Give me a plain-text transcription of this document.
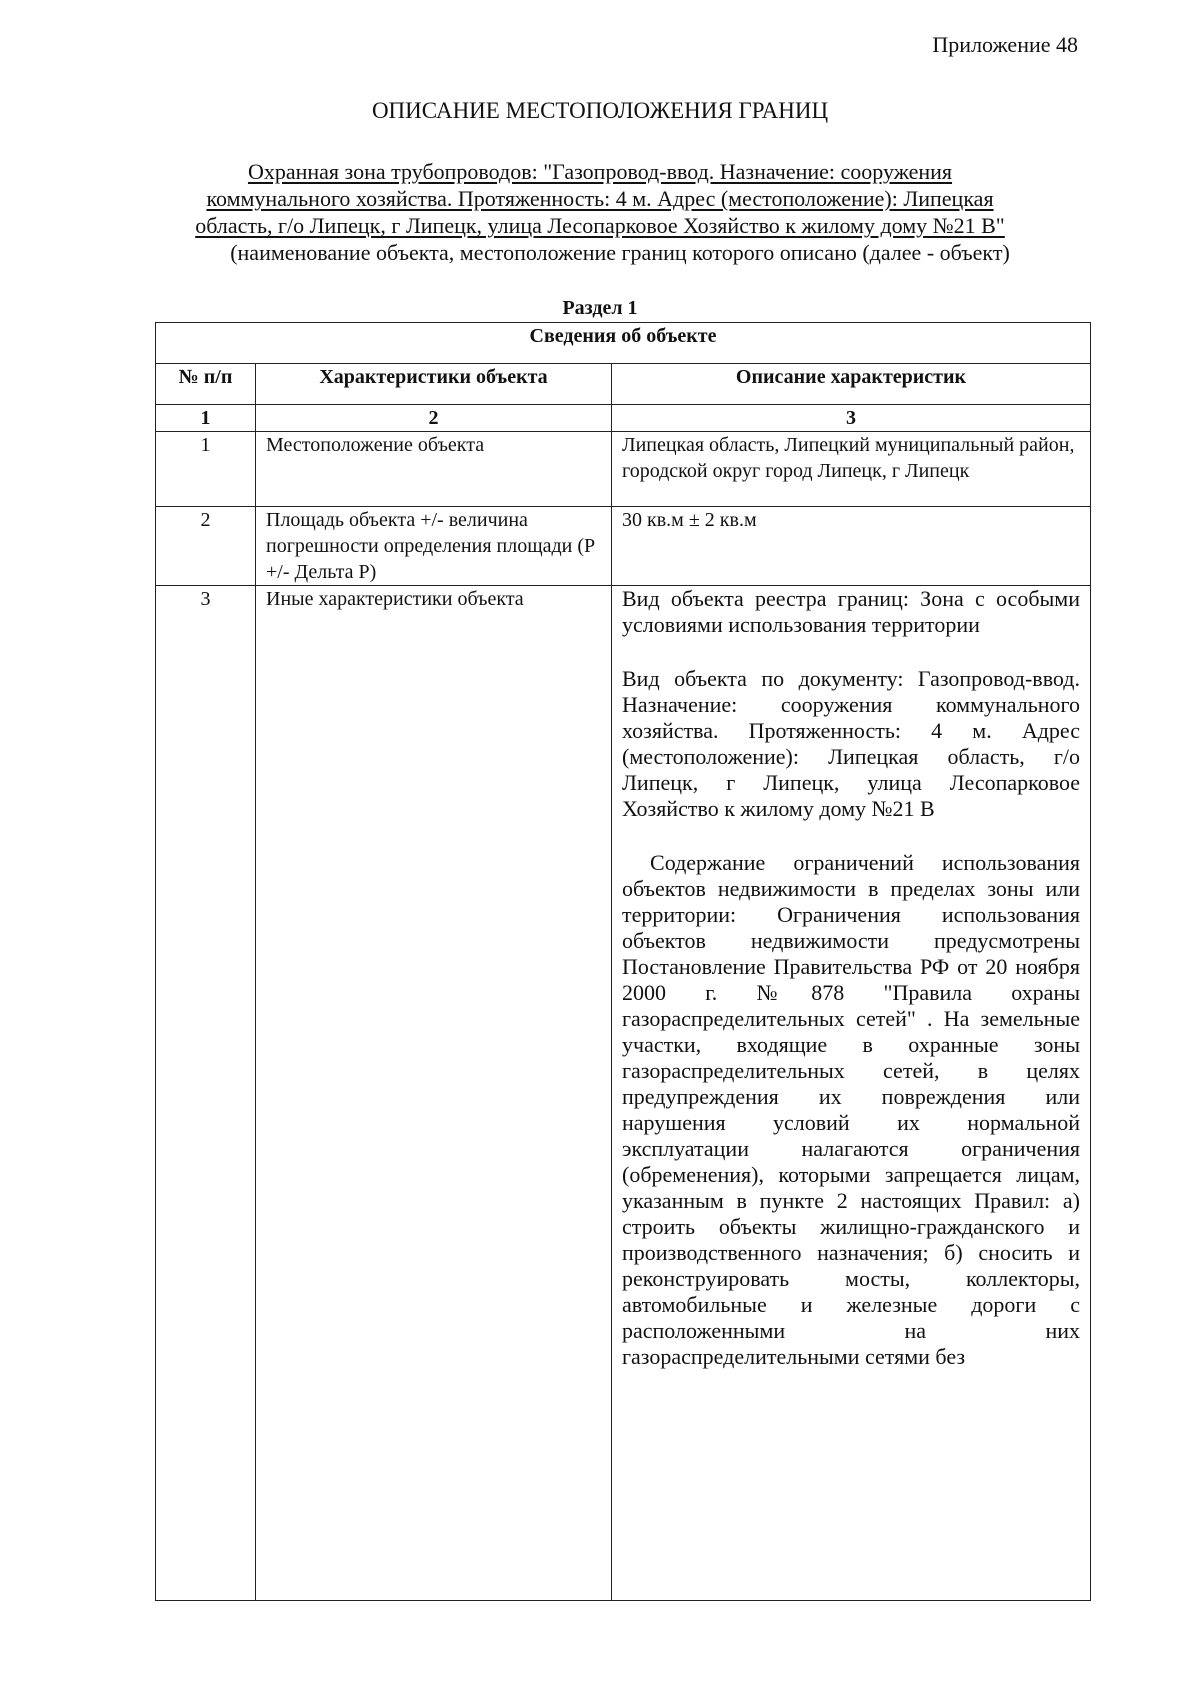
Приложение 48

ОПИСАНИЕ МЕСТОПОЛОЖЕНИЯ ГРАНИЦ
Охранная зона трубопроводов: "Газопровод-ввод. Назначение: сооружения
коммунального хозяйства. Протяженность: 4 м. Адрес (местоположение): Липецкая
область, г/о Липецк, г Липецк, улица Лесопарковое Хозяйство к жилому дому №21 В"

(наименование объекта, местоположение границ которого описано (далее - объект)

Раздел 1

Сведения об объекте		
№ п/п	Характеристики объекта	Описание характеристик
1	2	3
1	Местоположение объекта	Липецкая область, Липецкий муниципальный район, городской округ город Липецк, г Липецк
2	Площадь объекта +/- величина погрешности определения площади (Р +/- Дельта Р)	30 кв.м ± 2 кв.м
3	Иные характеристики объекта	Вид объекта реестра границ: Зона с особыми условиями использования территории

Вид объекта по документу: Газопровод-ввод. Назначение: сооружения коммунального хозяйства. Протяженность: 4 м. Адрес (местоположение): Липецкая область, г/о Липецк, г Липецк, улица Лесопарковое Хозяйство к жилому дому №21 В

Содержание ограничений использования объектов недвижимости в пределах зоны или территории: Ограничения использования объектов недвижимости предусмотрены Постановление Правительства РФ от 20 ноября 2000 г. №878 "Правила охраны газораспределительных сетей" . На земельные участки, входящие в охранные зоны газораспределительных сетей, в целях предупреждения их повреждения или нарушения условий их нормальной эксплуатации налагаются ограничения (обременения), которыми запрещается лицам, указанным в пункте 2 настоящих Правил: а) строить объекты жилищно-гражданского и производственного назначения; б) сносить и реконструировать мосты, коллекторы, автомобильные и железные дороги с расположенными на них газораспределительными сетями без
